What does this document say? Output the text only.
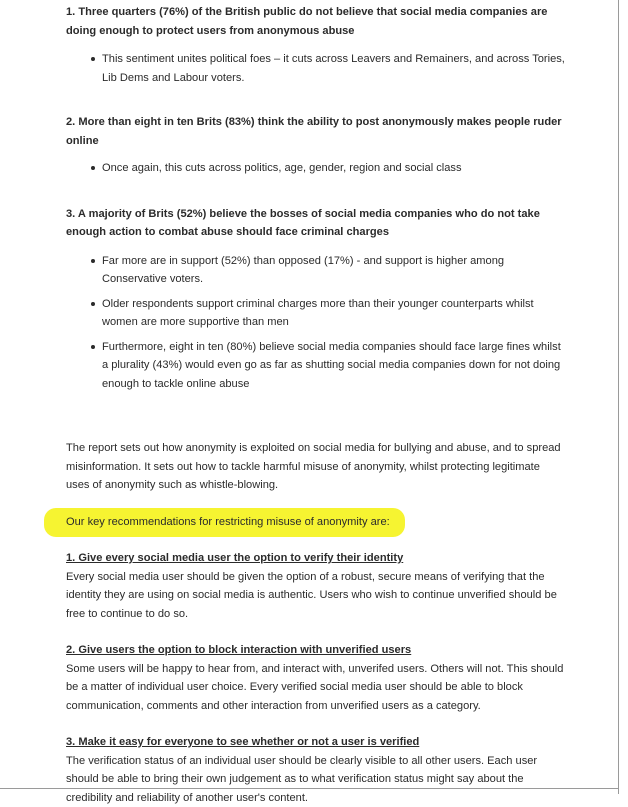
1. Three quarters (76%) of the British public do not believe that social media companies are doing enough to protect users from anonymous abuse

This sentiment unites political foes – it cuts across Leavers and Remainers, and across Tories, Lib Dems and Labour voters.

2. More than eight in ten Brits (83%) think the ability to post anonymously makes people ruder online

Once again, this cuts across politics, age, gender, region and social class

3. A majority of Brits (52%) believe the bosses of social media companies who do not take enough action to combat abuse should face criminal charges

Far more are in support (52%) than opposed (17%) - and support is higher among Conservative voters.
Older respondents support criminal charges more than their younger counterparts whilst women are more supportive than men
Furthermore, eight in ten (80%) believe social media companies should face large fines whilst a plurality (43%) would even go as far as shutting social media companies down for not doing enough to tackle online abuse

The report sets out how anonymity is exploited on social media for bullying and abuse, and to spread misinformation. It sets out how to tackle harmful misuse of anonymity, whilst protecting legitimate uses of anonymity such as whistle-blowing.

Our key recommendations for restricting misuse of anonymity are:

1. Give every social media user the option to verify their identity

Every social media user should be given the option of a robust, secure means of verifying that the identity they are using on social media is authentic. Users who wish to continue unverified should be free to continue to do so.

2. Give users the option to block interaction with unverified users

Some users will be happy to hear from, and interact with, unverifed users. Others will not. This should be a matter of individual user choice. Every verified social media user should be able to block communication, comments and other interaction from unverified users as a category.

3. Make it easy for everyone to see whether or not a user is verified

The verification status of an individual user should be clearly visible to all other users. Each user should be able to bring their own judgement as to what verification status might say about the credibility and reliability of another user's content.
